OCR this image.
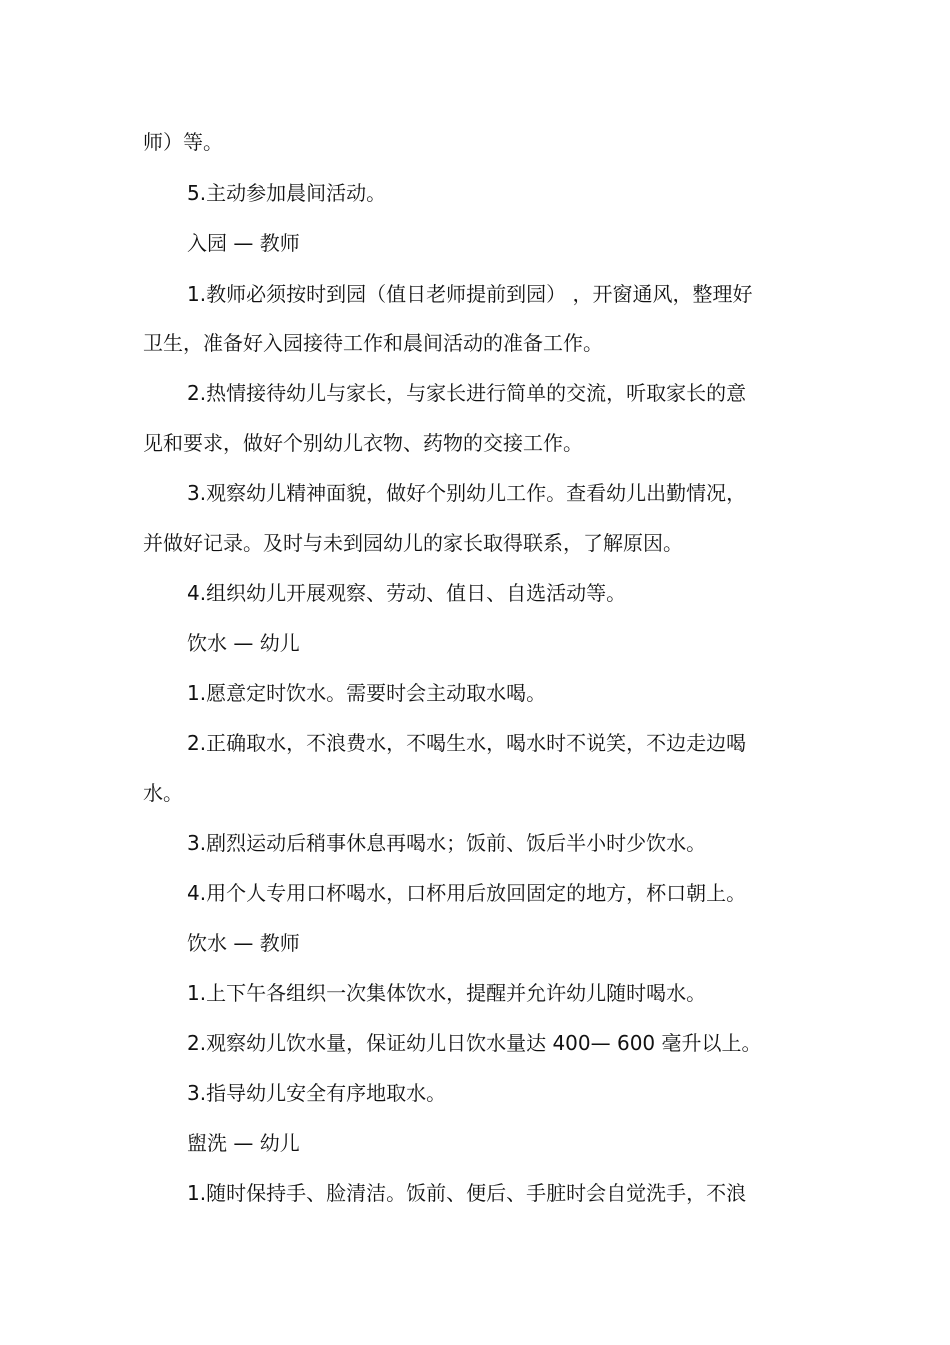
师）等。

5.主动参加晨间活动。

入园 — 教师

1.教师必须按时到园（值日老师提前到园） ，开窗通风，整理好

卫生，准备好入园接待工作和晨间活动的准备工作。

2.热情接待幼儿与家长，与家长进行简单的交流，听取家长的意

见和要求，做好个别幼儿衣物、药物的交接工作。

3.观察幼儿精神面貌，做好个别幼儿工作。查看幼儿出勤情况，

并做好记录。及时与未到园幼儿的家长取得联系，了解原因。

4.组织幼儿开展观察、劳动、值日、自选活动等。

饮水 — 幼儿

1.愿意定时饮水。需要时会主动取水喝。

2.正确取水，不浪费水，不喝生水，喝水时不说笑，不边走边喝

水。

3.剧烈运动后稍事休息再喝水；饭前、饭后半小时少饮水。

4.用个人专用口杯喝水，口杯用后放回固定的地方，杯口朝上。

饮水 — 教师

1.上下午各组织一次集体饮水，提醒并允许幼儿随时喝水。

2.观察幼儿饮水量，保证幼儿日饮水量达 400— 600 毫升以上。

3.指导幼儿安全有序地取水。

盥洗 — 幼儿

1.随时保持手、脸清洁。饭前、便后、手脏时会自觉洗手，不浪
